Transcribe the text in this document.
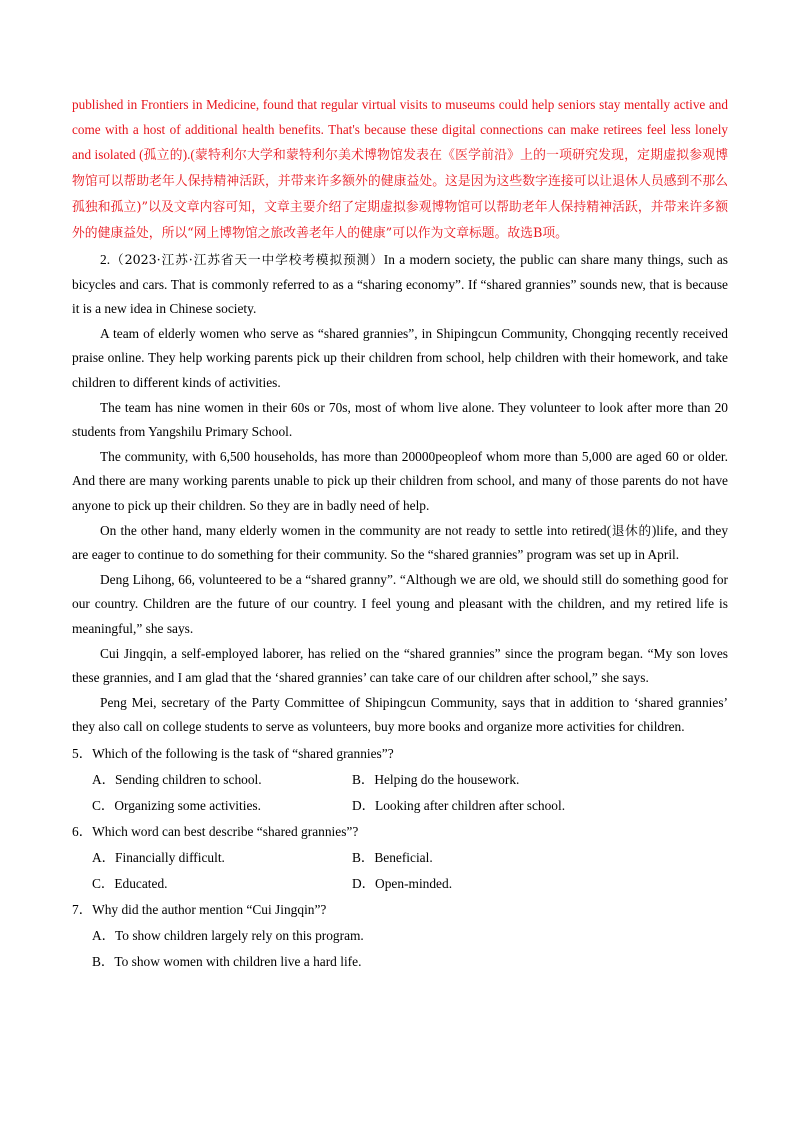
published in Frontiers in Medicine, found that regular virtual visits to museums could help seniors stay mentally active and come with a host of additional health benefits. That's because these digital connections can make retirees feel less lonely and isolated (孤立的).(蒙特利尔大学和蒙特利尔美术博物馆发表在《医学前沿》上的一项研究发现，定期虚拟参观博物馆可以帮助老年人保持精神活跃，并带来许多额外的健康益处。这是因为这些数字连接可以让退休人员感到不那么孤独和孤立)”以及文章内容可知，文章主要介绍了定期虚拟参观博物馆可以帮助老年人保持精神活跃，并带来许多额外的健康益处，所以“网上博物馆之旅改善老年人的健康”可以作为文章标题。故选B项。

2.（2023·江苏·江苏省天一中学校考模拟预测）In a modern society, the public can share many things, such as bicycles and cars. That is commonly referred to as a “sharing economy”. If “shared grannies” sounds new, that is because it is a new idea in Chinese society.

A team of elderly women who serve as “shared grannies”, in Shipingcun Community, Chongqing recently received praise online. They help working parents pick up their children from school, help children with their homework, and take children to different kinds of activities.

The team has nine women in their 60s or 70s, most of whom live alone. They volunteer to look after more than 20 students from Yangshilu Primary School.

The community, with 6,500 households, has more than 20000peopleof whom more than 5,000 are aged 60 or older. And there are many working parents unable to pick up their children from school, and many of those parents do not have anyone to pick up their children. So they are in badly need of help.

On the other hand, many elderly women in the community are not ready to settle into retired(退休的)life, and they are eager to continue to do something for their community. So the “shared grannies” program was set up in April.

Deng Lihong, 66, volunteered to be a “shared granny”. “Although we are old, we should still do something good for our country. Children are the future of our country. I feel young and pleasant with the children, and my retired life is meaningful,” she says.

Cui Jingqin, a self-employed laborer, has relied on the “shared grannies” since the program began. “My son loves these grannies, and I am glad that the ‘shared grannies’ can take care of our children after school,” she says.

Peng Mei, secretary of the Party Committee of Shipingcun Community, says that in addition to ‘shared grannies’ they also call on college students to serve as volunteers, buy more books and organize more activities for children.

5．Which of the following is the task of “shared grannies”?

A．Sending children to school.	B．Helping do the housework.
C．Organizing some activities.	D．Looking after children after school.

6．Which word can best describe “shared grannies”?

A．Financially difficult.	B．Beneficial.
C．Educated.	D．Open-minded.

7．Why did the author mention “Cui Jingqin”?

A．To show children largely rely on this program.

B．To show women with children live a hard life.
